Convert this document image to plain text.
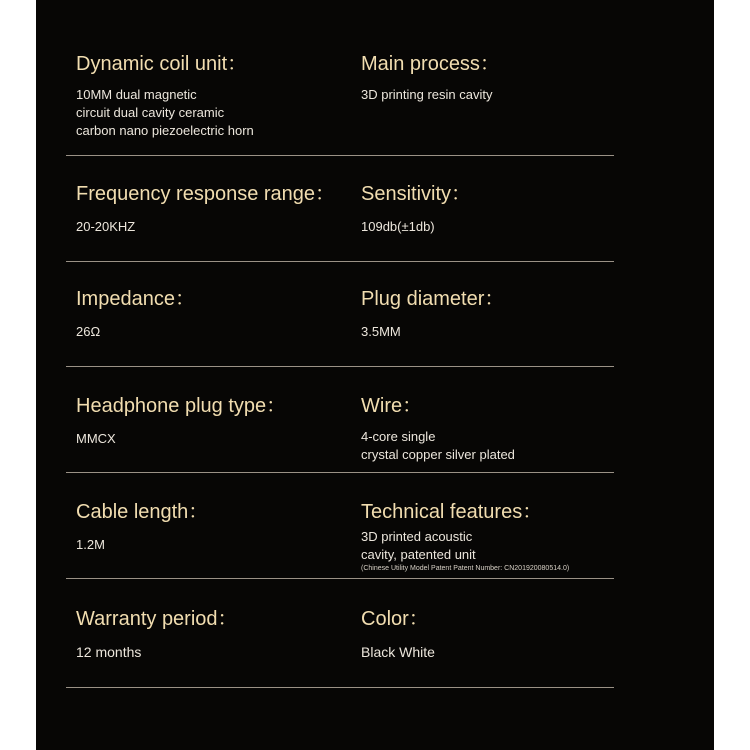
Dynamic coil unit：
10MM dual magnetic
circuit dual cavity ceramic
carbon nano piezoelectric horn
Main process：
3D printing resin cavity
Frequency response range：
20-20KHZ
Sensitivity：
109db(±1db)
Impedance：
26Ω
Plug diameter：
3.5MM
Headphone plug type：
MMCX
Wire：
4-core single
crystal copper silver plated
Cable length：
1.2M
Technical features：
3D printed acoustic
cavity, patented unit
(Chinese Utility Model Patent Patent Number: CN201920080514.0)
Warranty period：
12 months
Color：
Black White
